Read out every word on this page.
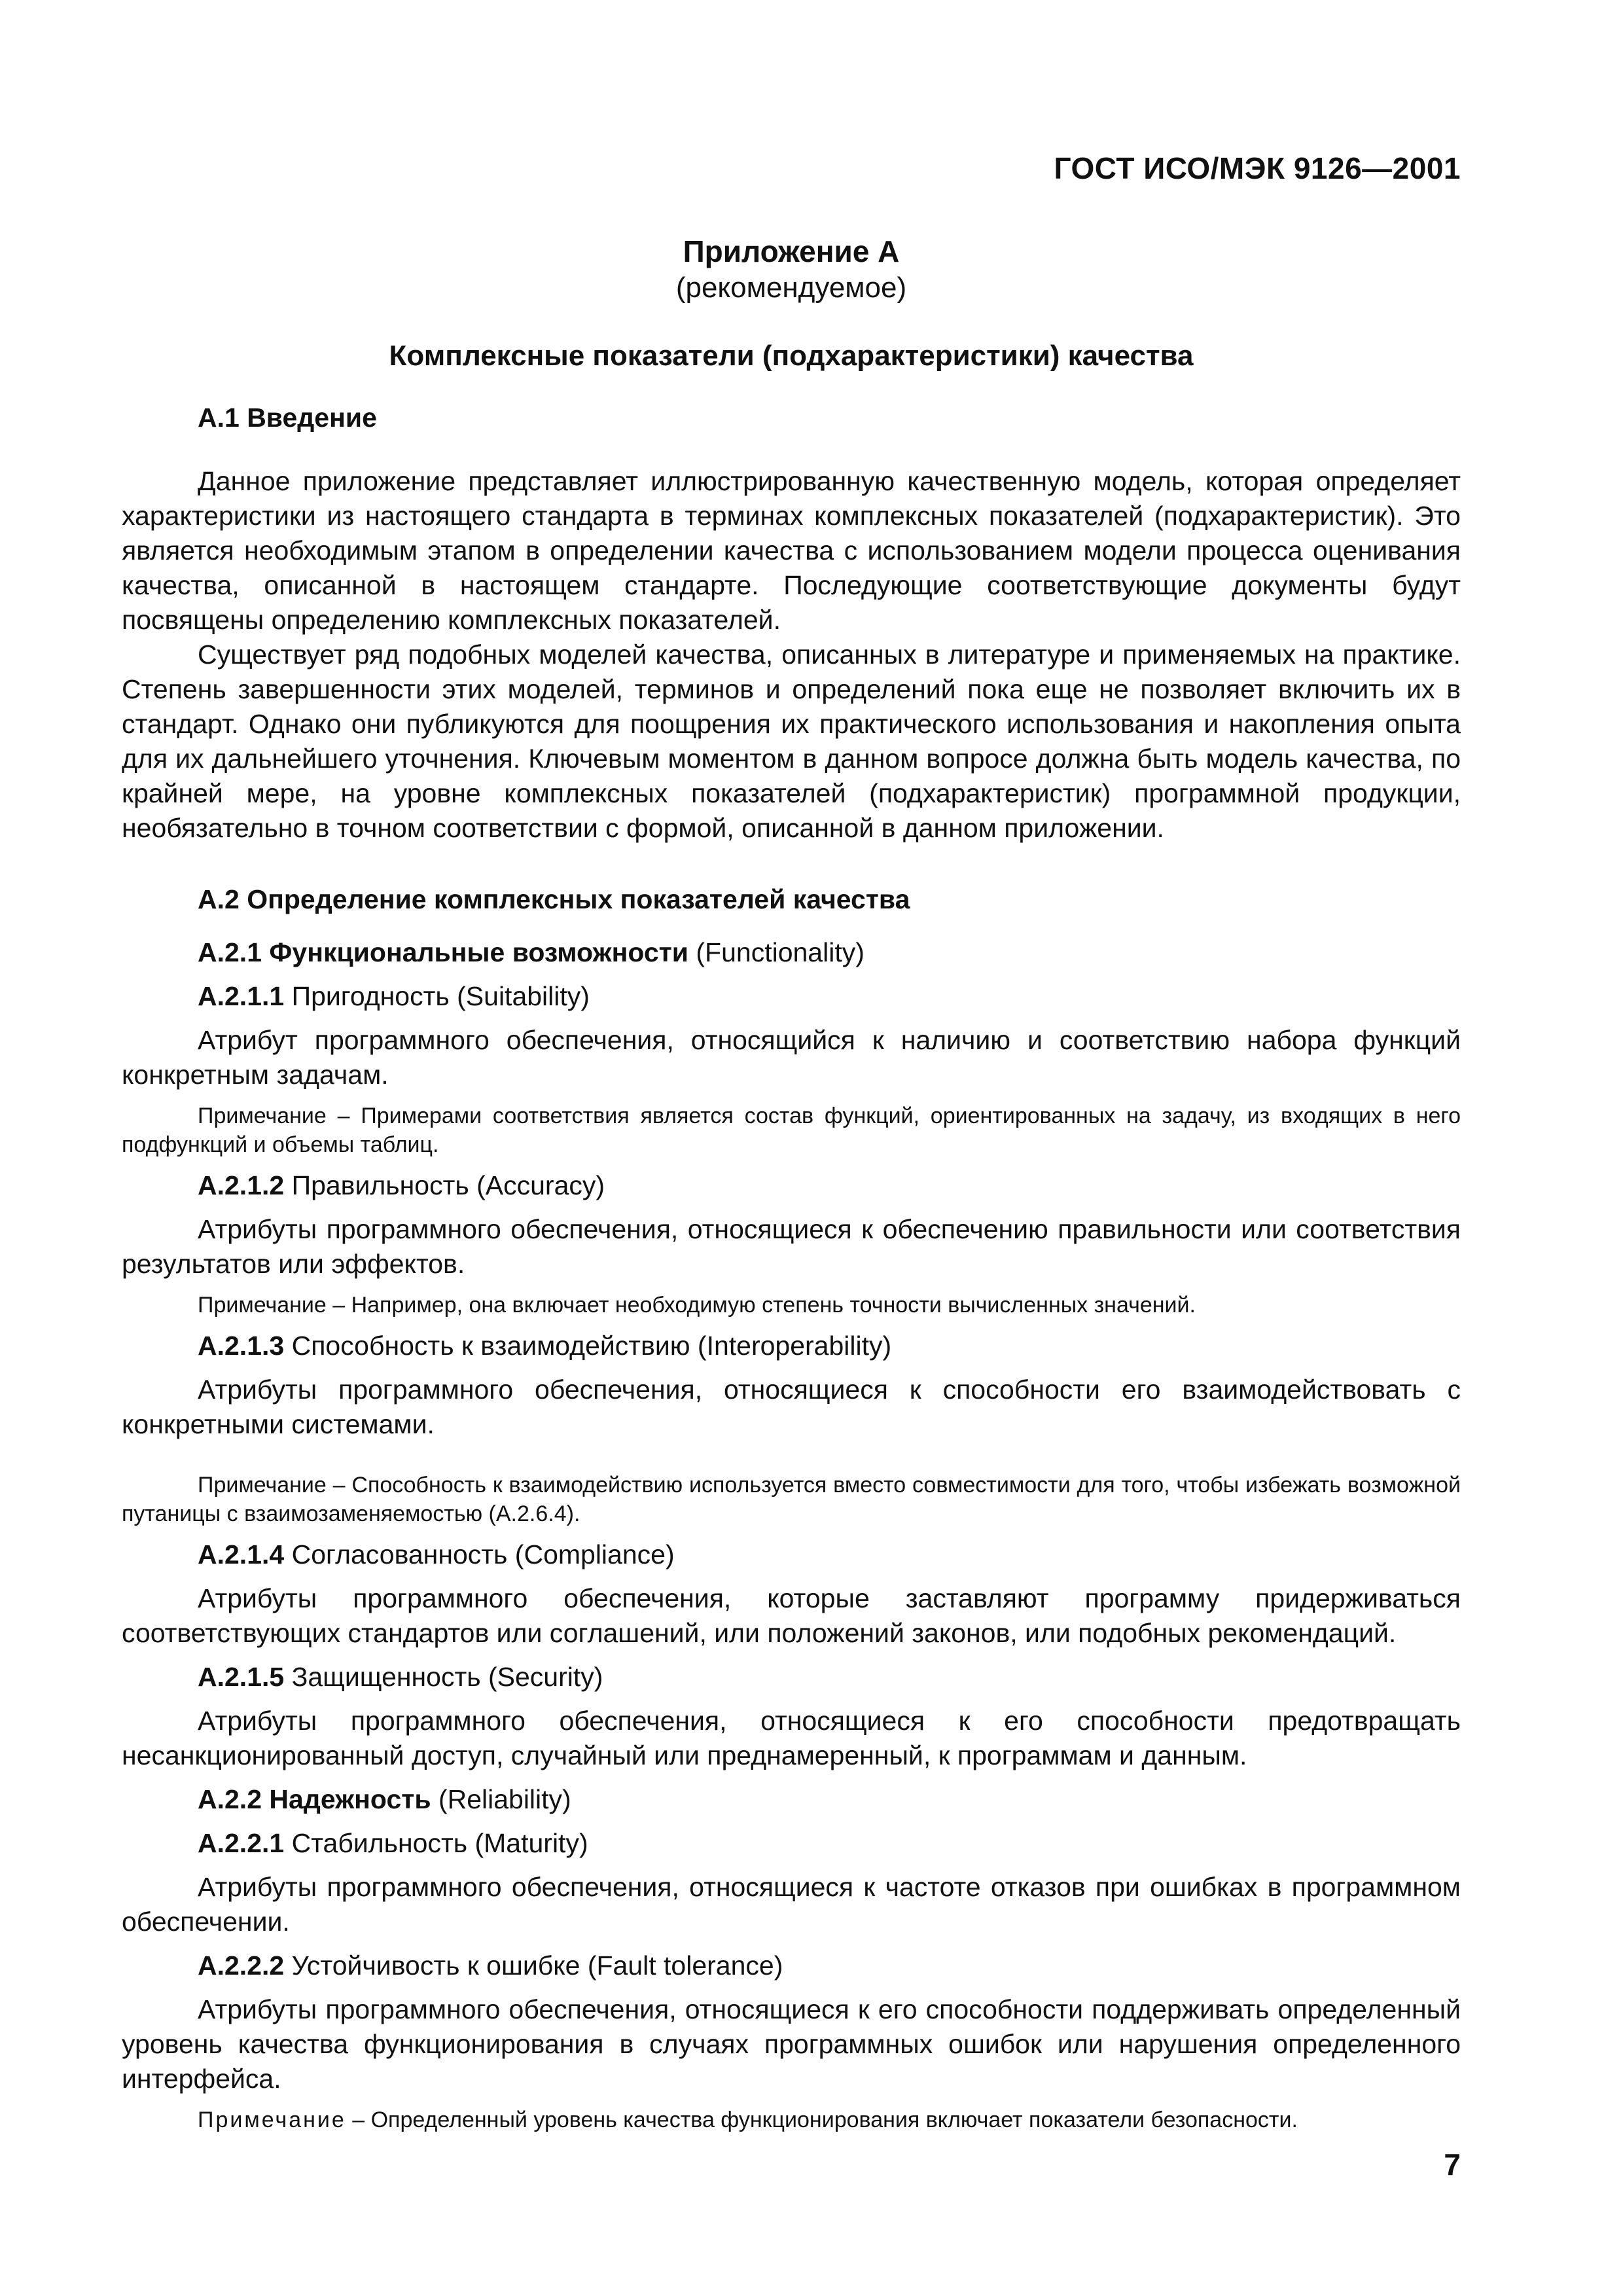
ГОСТ ИСО/МЭК 9126—2001
Приложение А
(рекомендуемое)
Комплексные показатели (подхарактеристики) качества

А.1 Введение

Данное приложение представляет иллюстрированную качественную модель, которая определяет характеристики из настоящего стандарта в терминах комплексных показателей (подхарактеристик). Это является необходимым этапом в определении качества с использованием модели процесса оценивания качества, описанной в настоящем стандарте. Последующие соответствующие документы будут посвящены определению комплексных показателей.

Существует ряд подобных моделей качества, описанных в литературе и применяемых на практике. Степень завершенности этих моделей, терминов и определений пока еще не позволяет включить их в стандарт. Однако они публикуются для поощрения их практического использования и накопления опыта для их дальнейшего уточнения. Ключевым моментом в данном вопросе должна быть модель качества, по крайней мере, на уровне комплексных показателей (подхарактеристик) программной продукции, необязательно в точном соответствии с формой, описанной в данном приложении.

А.2 Определение комплексных показателей качества

А.2.1 Функциональные возможности (Functionality)

А.2.1.1 Пригодность (Suitability)

Атрибут программного обеспечения, относящийся к наличию и соответствию набора функций конкретным задачам.

Примечание – Примерами соответствия является состав функций, ориентированных на задачу, из входящих в него подфункций и объемы таблиц.

А.2.1.2 Правильность (Accuracy)

Атрибуты программного обеспечения, относящиеся к обеспечению правильности или соответствия результатов или эффектов.

Примечание – Например, она включает необходимую степень точности вычисленных значений.

А.2.1.3 Способность к взаимодействию (Interoperability)

Атрибуты программного обеспечения, относящиеся к способности его взаимодействовать с конкретными системами.

Примечание – Способность к взаимодействию используется вместо совместимости для того, чтобы избежать возможной путаницы с взаимозаменяемостью (А.2.6.4).

А.2.1.4 Согласованность (Compliance)

Атрибуты программного обеспечения, которые заставляют программу придерживаться соответствующих стандартов или соглашений, или положений законов, или подобных рекомендаций.

А.2.1.5 Защищенность (Security)

Атрибуты программного обеспечения, относящиеся к его способности предотвращать несанкционированный доступ, случайный или преднамеренный, к программам и данным.

А.2.2 Надежность (Reliability)

А.2.2.1 Стабильность (Maturity)

Атрибуты программного обеспечения, относящиеся к частоте отказов при ошибках в программном обеспечении.

А.2.2.2 Устойчивость к ошибке (Fault tolerance)

Атрибуты программного обеспечения, относящиеся к его способности поддерживать определенный уровень качества функционирования в случаях программных ошибок или нарушения определенного интерфейса.

Примечание – Определенный уровень качества функционирования включает показатели безопасности.

7
